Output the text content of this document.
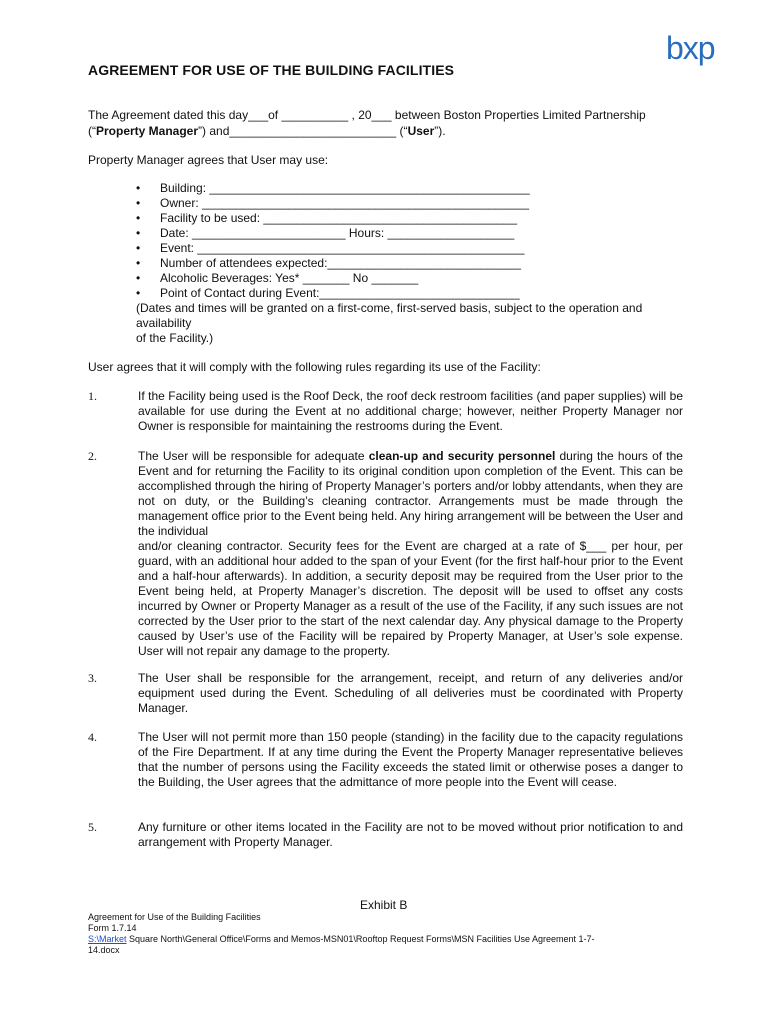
bxp
AGREEMENT FOR USE OF THE BUILDING FACILITIES
The Agreement dated this day___of __________ , 20___ between Boston Properties Limited Partnership
(“Property Manager”) and_________________________ (“User”).
Property Manager agrees that User may use:
• Building: ________________________________________________
• Owner: _________________________________________________
• Facility to be used: ______________________________________
• Date: _______________________ Hours: ___________________
• Event: _________________________________________________
• Number of attendees expected:_____________________________
• Alcoholic Beverages: Yes* _______ No _______
• Point of Contact during Event:______________________________
(Dates and times will be granted on a first-come, first-served basis, subject to the operation and
availability
of the Facility.)
User agrees that it will comply with the following rules regarding its use of the Facility:
1.	If the Facility being used is the Roof Deck, the roof deck restroom facilities (and paper supplies) will be available for use during the Event at no additional charge; however, neither Property Manager nor Owner is responsible for maintaining the restrooms during the Event.
2.	The User will be responsible for adequate clean-up and security personnel during the hours of the Event and for returning the Facility to its original condition upon completion of the Event. This can be accomplished through the hiring of Property Manager’s porters and/or lobby attendants, when they are not on duty, or the Building’s cleaning contractor. Arrangements must be made through the management office prior to the Event being held. Any hiring arrangement will be between the User and the individual

and/or cleaning contractor. Security fees for the Event are charged at a rate of $___ per hour, per guard, with an additional hour added to the span of your Event (for the first half-hour prior to the Event and a half-hour afterwards). In addition, a security deposit may be required from the User prior to the Event being held, at Property Manager’s discretion. The deposit will be used to offset any costs incurred by Owner or Property Manager as a result of the use of the Facility, if any such issues are not corrected by the User prior to the start of the next calendar day. Any physical damage to the Property caused by User’s use of the Facility will be repaired by Property Manager, at User’s sole expense. User will not repair any damage to the property.

3.	The User shall be responsible for the arrangement, receipt, and return of any deliveries and/or equipment used during the Event. Scheduling of all deliveries must be coordinated with Property Manager.
4.	The User will not permit more than 150 people (standing) in the facility due to the capacity regulations of the Fire Department. If at any time during the Event the Property Manager representative believes that the number of persons using the Facility exceeds the stated limit or otherwise poses a danger to the Building, the User agrees that the admittance of more people into the Event will cease.
5.	Any furniture or other items located in the Facility are not to be moved without prior notification to and arrangement with Property Manager.
Exhibit B
Agreement for Use of the Building Facilities
Form 1.7.14
S:\Market Square North\General Office\Forms and Memos-MSN01\Rooftop Request Forms\MSN Facilities Use Agreement 1-7-
14.docx
